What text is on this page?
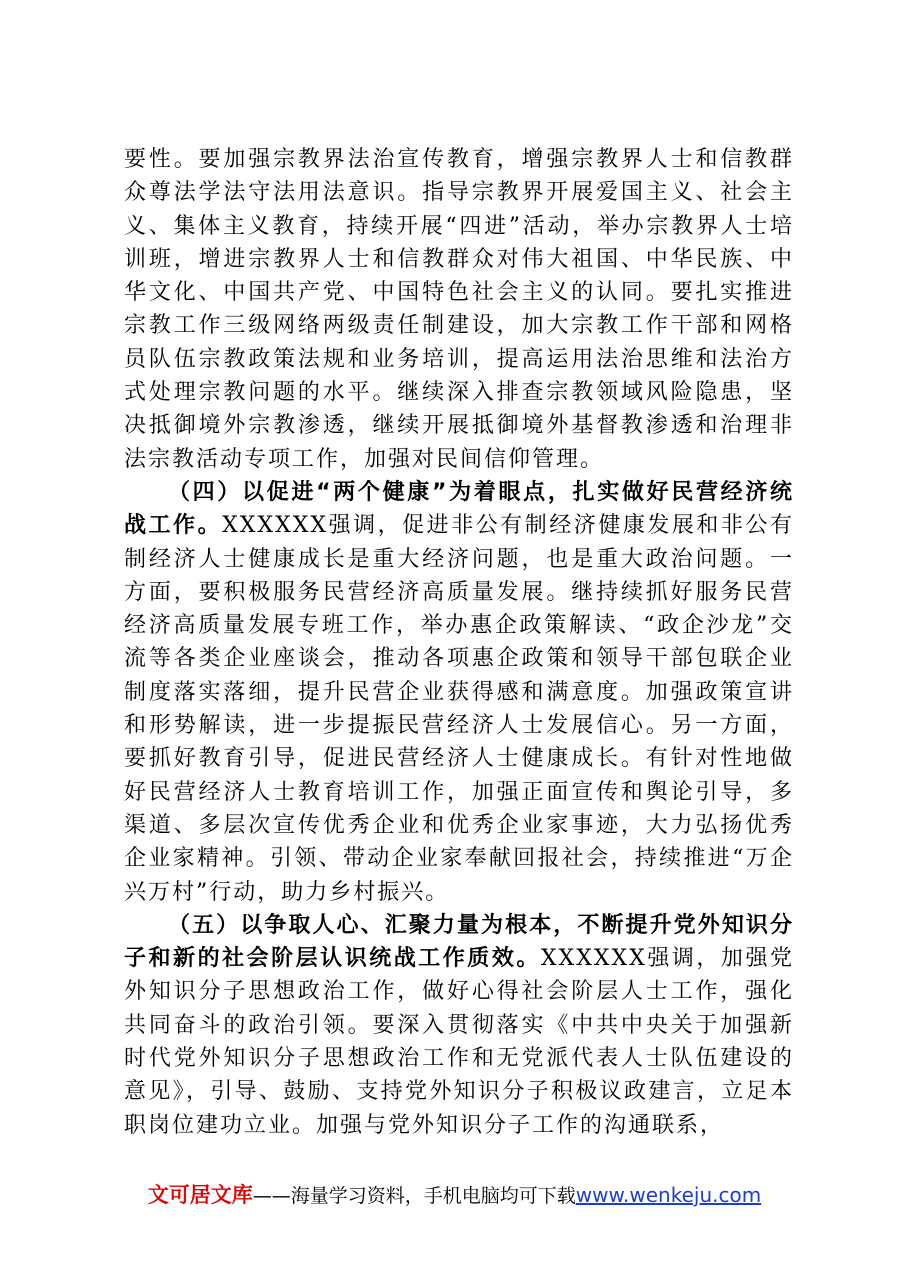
要性。要加强宗教界法治宣传教育，增强宗教界人士和信教群众尊法学法守法用法意识。指导宗教界开展爱国主义、社会主义、集体主义教育，持续开展“四进”活动，举办宗教界人士培训班，增进宗教界人士和信教群众对伟大祖国、中华民族、中华文化、中国共产党、中国特色社会主义的认同。要扎实推进宗教工作三级网络两级责任制建设，加大宗教工作干部和网格员队伍宗教政策法规和业务培训，提高运用法治思维和法治方式处理宗教问题的水平。继续深入排查宗教领域风险隐患，坚决抵御境外宗教渗透，继续开展抵御境外基督教渗透和治理非法宗教活动专项工作，加强对民间信仰管理。

（四）以促进“两个健康”为着眼点，扎实做好民营经济统战工作。XXXXXX强调，促进非公有制经济健康发展和非公有制经济人士健康成长是重大经济问题，也是重大政治问题。一方面，要积极服务民营经济高质量发展。继持续抓好服务民营经济高质量发展专班工作，举办惠企政策解读、“政企沙龙”交流等各类企业座谈会，推动各项惠企政策和领导干部包联企业制度落实落细，提升民营企业获得感和满意度。加强政策宣讲和形势解读，进一步提振民营经济人士发展信心。另一方面，要抓好教育引导，促进民营经济人士健康成长。有针对性地做好民营经济人士教育培训工作，加强正面宣传和舆论引导，多渠道、多层次宣传优秀企业和优秀企业家事迹，大力弘扬优秀企业家精神。引领、带动企业家奉献回报社会，持续推进“万企兴万村”行动，助力乡村振兴。

（五）以争取人心、汇聚力量为根本，不断提升党外知识分子和新的社会阶层认识统战工作质效。XXXXXX强调，加强党外知识分子思想政治工作，做好心得社会阶层人士工作，强化共同奋斗的政治引领。要深入贯彻落实《中共中央关于加强新时代党外知识分子思想政治工作和无党派代表人士队伍建设的意见》，引导、鼓励、支持党外知识分子积极议政建言，立足本职岗位建功立业。加强与党外知识分子工作的沟通联系，

文可居文库——海量学习资料，手机电脑均可下载www.wenkeju.com
